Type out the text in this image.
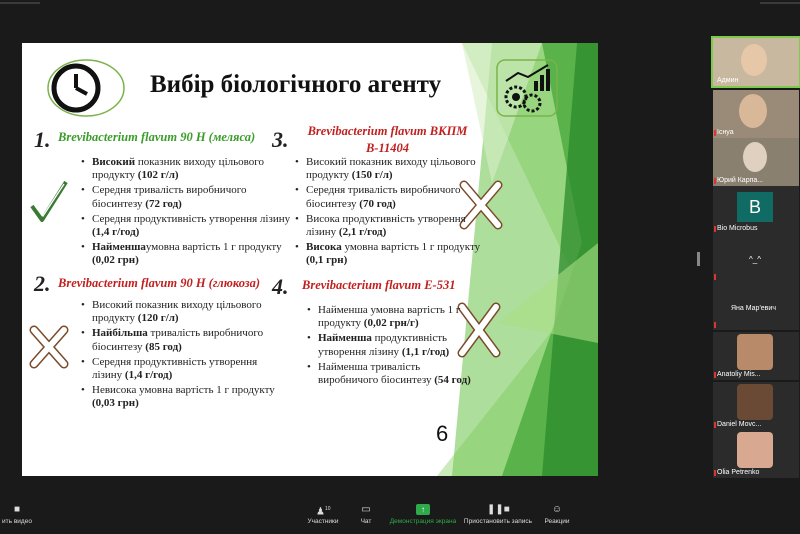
Вибір біологічного агенту
1. Brevibacterium flavum 90 Н (меляса)
• Високий показник виходу цільового продукту (102 г/л)
• Середня тривалість виробничого біосинтезу (72 год)
• Середня продуктивність утворення лізину (1,4 г/год)
• Найменшаумовна вартість 1 г продукту (0,02 грн)
2. Brevibacterium flavum 90 Н (глюкоза)
• Високий показник виходу цільового продукту (120 г/л)
• Найбільша тривалість виробничого біосинтезу (85 год)
• Середня продуктивність утворення лізину (1,4 г/год)
• Невисока умовна вартість 1 г продукту (0,03 грн)
3.	Brevibacterium flavum ВКПМ В-11404
• Високий показник виходу цільового продукту (150 г/л)
• Середня тривалість виробничого біосинтезу (70 год)
• Висока продуктивність утворення лізину (2,1 г/год)
• Висока умовна вартість 1 г продукту (0,1 грн)
4. Brevibacterium flavum Е-531
• Найменша умовна вартість 1 г продукту (0,02 грн/г)
• Найменша продуктивність утворення лізину (1,1 г/год)
• Найменша тривалість виробничого біосинтезу (54 год)
6
Админ
Iснуа
Юрий Карпа...
B
Bio Microbus
^_^
Яна Мар'евич
Anatoliy Mis...
Daniel Movc...
Olia Petrenko
■
ить видео
♟$^{10}$
Участники
▭
Чат
↑
Демонстрация экрана
❚❚■
Приостановить запись
☺
Реакции
